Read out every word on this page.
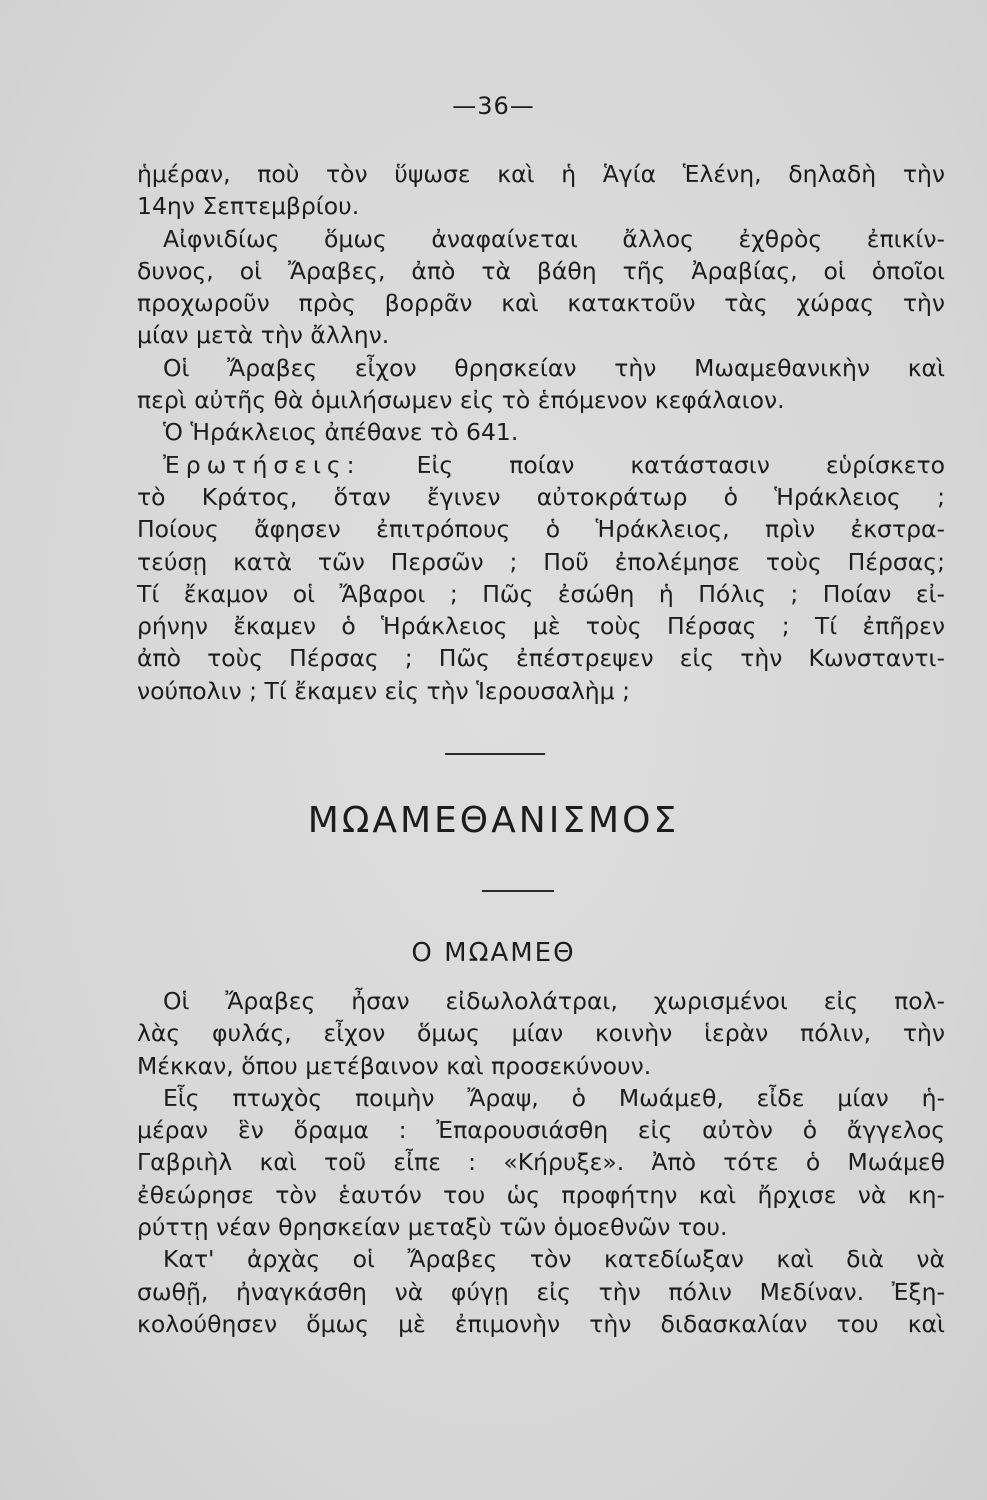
—36—

ἡμέραν, ποὺ τὸν ὕψωσε καὶ ἡ Ἁγία Ἑλένη, δηλαδὴ τὴν

14ην Σεπτεμβρίου.

Αἰφνιδίως ὅμως ἀναφαίνεται ἄλλος ἐχθρὸς ἐπικίν-

δυνος, οἱ Ἄραβες, ἀπὸ τὰ βάθη τῆς Ἀραβίας, οἱ ὁποῖοι

προχωροῦν πρὸς βορρᾶν καὶ κατακτοῦν τὰς χώρας τὴν

μίαν μετὰ τὴν ἄλλην.

Οἱ Ἄραβες εἶχον θρησκείαν τὴν Μωαμεθανικὴν καὶ

περὶ αὐτῆς θὰ ὁμιλήσωμεν εἰς τὸ ἑπόμενον κεφάλαιον.

Ὁ Ἡράκλειος ἀπέθανε τὸ 641.

Ἐρωτήσεις: Εἰς ποίαν κατάστασιν εὑρίσκετο

τὸ Κράτος, ὅταν ἔγινεν αὐτοκράτωρ ὁ Ἡράκλειος ;

Ποίους ἄφησεν ἐπιτρόπους ὁ Ἡράκλειος, πρὶν ἐκστρα-

τεύσῃ κατὰ τῶν Περσῶν ; Ποῦ ἐπολέμησε τοὺς Πέρσας;

Τί ἔκαμον οἱ Ἄβαροι ; Πῶς ἐσώθη ἡ Πόλις ; Ποίαν εἰ-

ρήνην ἔκαμεν ὁ Ἡράκλειος μὲ τοὺς Πέρσας ; Τί ἐπῆρεν

ἀπὸ τοὺς Πέρσας ; Πῶς ἐπέστρεψεν εἰς τὴν Κωνσταντι-

νούπολιν ; Τί ἔκαμεν εἰς τὴν Ἱερουσαλὴμ ;

ΜΩΑΜΕΘΑΝΙΣΜΟΣ
Ο ΜΩΑΜΕΘ

Οἱ Ἄραβες ἦσαν εἰδωλολάτραι, χωρισμένοι εἰς πολ-

λὰς φυλάς, εἶχον ὅμως μίαν κοινὴν ἱερὰν πόλιν, τὴν

Μέκκαν, ὅπου μετέβαινον καὶ προσεκύνουν.

Εἷς πτωχὸς ποιμὴν Ἄραψ, ὁ Μωάμεθ, εἶδε μίαν ἡ-

μέραν ἓν ὅραμα : Ἐπαρουσιάσθη εἰς αὐτὸν ὁ ἄγγελος

Γαβριὴλ καὶ τοῦ εἶπε : «Κήρυξε». Ἀπὸ τότε ὁ Μωάμεθ

ἐθεώρησε τὸν ἑαυτόν του ὡς προφήτην καὶ ἤρχισε νὰ κη-

ρύττῃ νέαν θρησκείαν μεταξὺ τῶν ὁμοεθνῶν του.

Κατ' ἀρχὰς οἱ Ἄραβες τὸν κατεδίωξαν καὶ διὰ νὰ

σωθῇ, ἠναγκάσθη νὰ φύγῃ εἰς τὴν πόλιν Μεδίναν. Ἐξη-

κολούθησεν ὅμως μὲ ἐπιμονὴν τὴν διδασκαλίαν του καὶ
